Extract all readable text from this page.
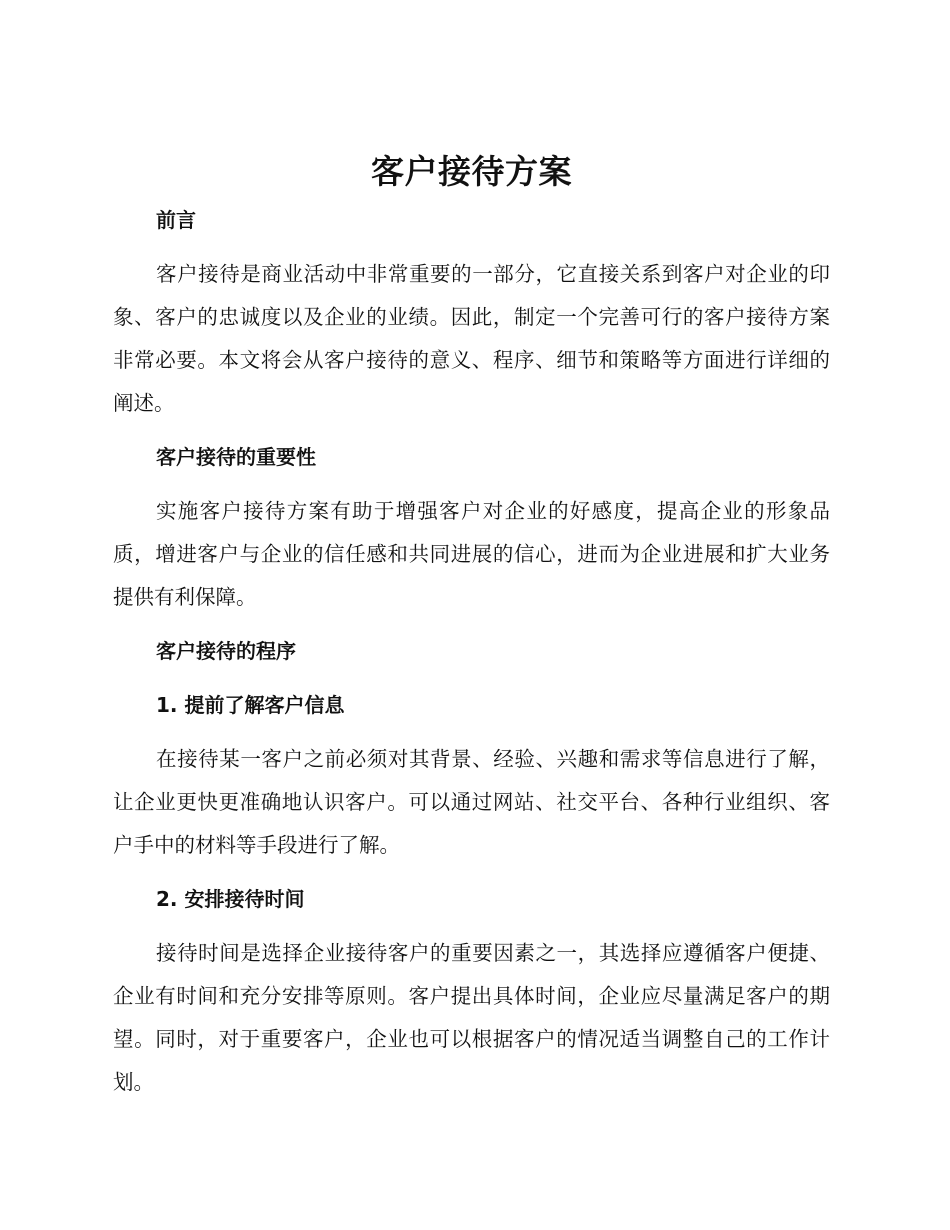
客户接待方案
前言

客户接待是商业活动中非常重要的一部分，它直接关系到客户对企业的印象、客户的忠诚度以及企业的业绩。因此，制定一个完善可行的客户接待方案非常必要。本文将会从客户接待的意义、程序、细节和策略等方面进行详细的阐述。

客户接待的重要性

实施客户接待方案有助于增强客户对企业的好感度，提高企业的形象品质，增进客户与企业的信任感和共同进展的信心，进而为企业进展和扩大业务提供有利保障。

客户接待的程序
1. 提前了解客户信息

在接待某一客户之前必须对其背景、经验、兴趣和需求等信息进行了解，让企业更快更准确地认识客户。可以通过网站、社交平台、各种行业组织、客户手中的材料等手段进行了解。

2. 安排接待时间

接待时间是选择企业接待客户的重要因素之一，其选择应遵循客户便捷、企业有时间和充分安排等原则。客户提出具体时间，企业应尽量满足客户的期望。同时，对于重要客户，企业也可以根据客户的情况适当调整自己的工作计划。
